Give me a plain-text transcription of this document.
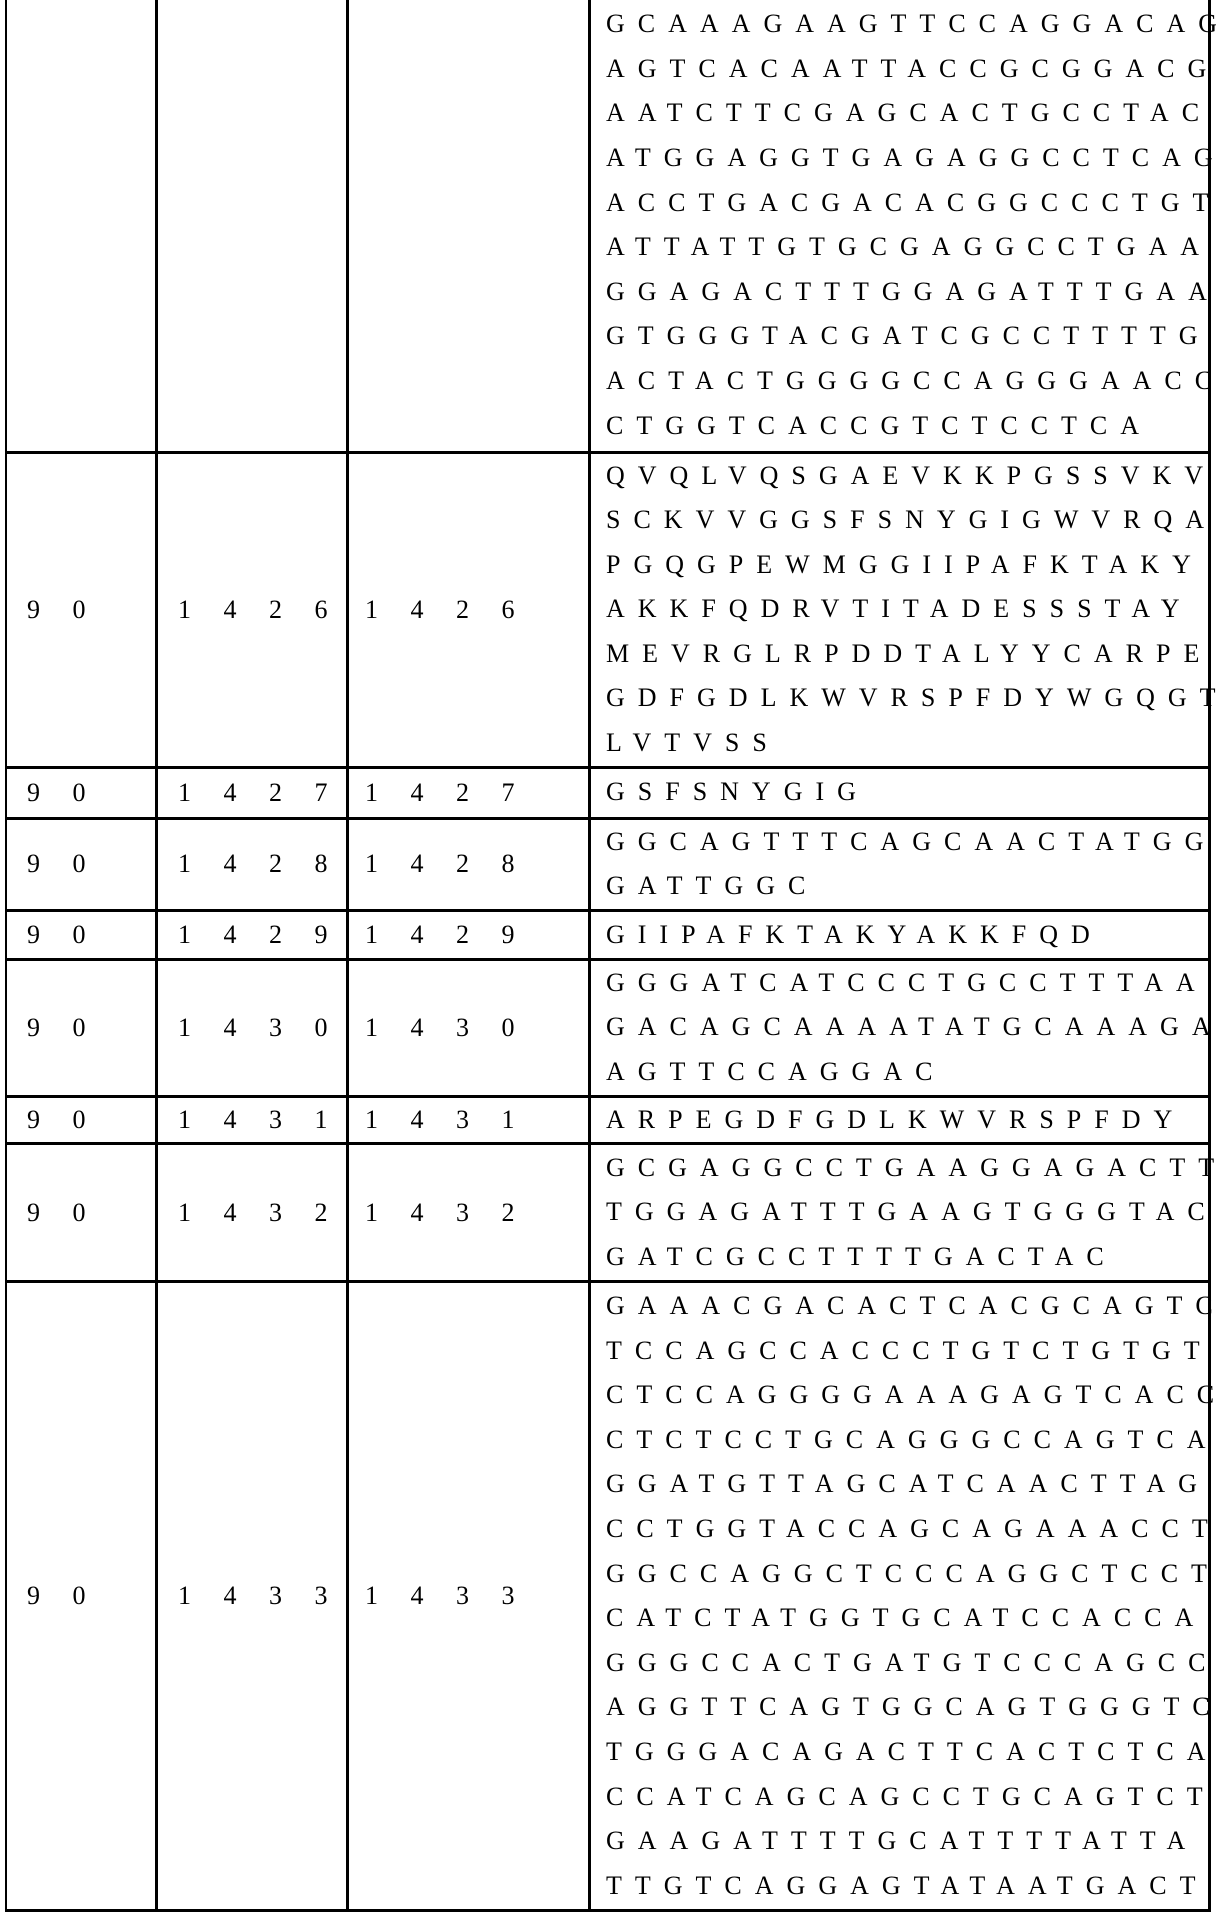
GCAAAGAAGTTCCAGGACAG
AGTCACAATTACCGCGGACG
AATCTTCGAGCACTGCCTAC
ATGGAGGTGAGAGGCCTCAG
ACCTGACGACACGGCCCTGT
ATTATTGTGCGAGGCCTGAA
GGAGACTTTGGAGATTTGAA
GTGGGTACGATCGCCTTTTG
ACTACTGGGGCCAGGGAACC
CTGGTCACCGTCTCCTCA

9 0	1 4 2 6	1 4 2 6	
QVQLVQSGAEVKKPGSSVKV
SCKVVGGSFSNYGIGWVRQA
PGQGPEWMGGIIPAFKTAKY
AKKFQDRVTITADESSSTAY
MEVRGLRPDDTALYYCARPE
GDFGDLKWVRSPFDYWGQGT
LVTVSS

9 0	1 4 2 7	1 4 2 7	GSFSNYGIG

9 0	1 4 2 8	1 4 2 8	
GGCAGTTTCAGCAACTATGG
GATTGGC

9 0	1 4 2 9	1 4 2 9	GIIPAFKTAKYAKKFQD

9 0	1 4 3 0	1 4 3 0	
GGGATCATCCCTGCCTTTAA
GACAGCAAAATATGCAAAGA
AGTTCCAGGAC

9 0	1 4 3 1	1 4 3 1	ARPEGDFGDLKWVRSPFDY

9 0	1 4 3 2	1 4 3 2	
GCGAGGCCTGAAGGAGACTT
TGGAGATTTGAAGTGGGTAC
GATCGCCTTTTGACTAC

9 0	1 4 3 3	1 4 3 3	
GAAACGACACTCACGCAGTC
TCCAGCCACCCTGTCTGTGT
CTCCAGGGGAAAGAGTCACC
CTCTCCTGCAGGGCCAGTCA
GGATGTTAGCATCAACTTAG
CCTGGTACCAGCAGAAACCT
GGCCAGGCTCCCAGGCTCCT
CATCTATGGTGCATCCACCA
GGGCCACTGATGTCCCAGCC
AGGTTCAGTGGCAGTGGGTC
TGGGACAGACTTCACTCTCA
CCATCAGCAGCCTGCAGTCT
GAAGATTTTGCATTTTATTA
TTGTCAGGAGTATAATGACT
